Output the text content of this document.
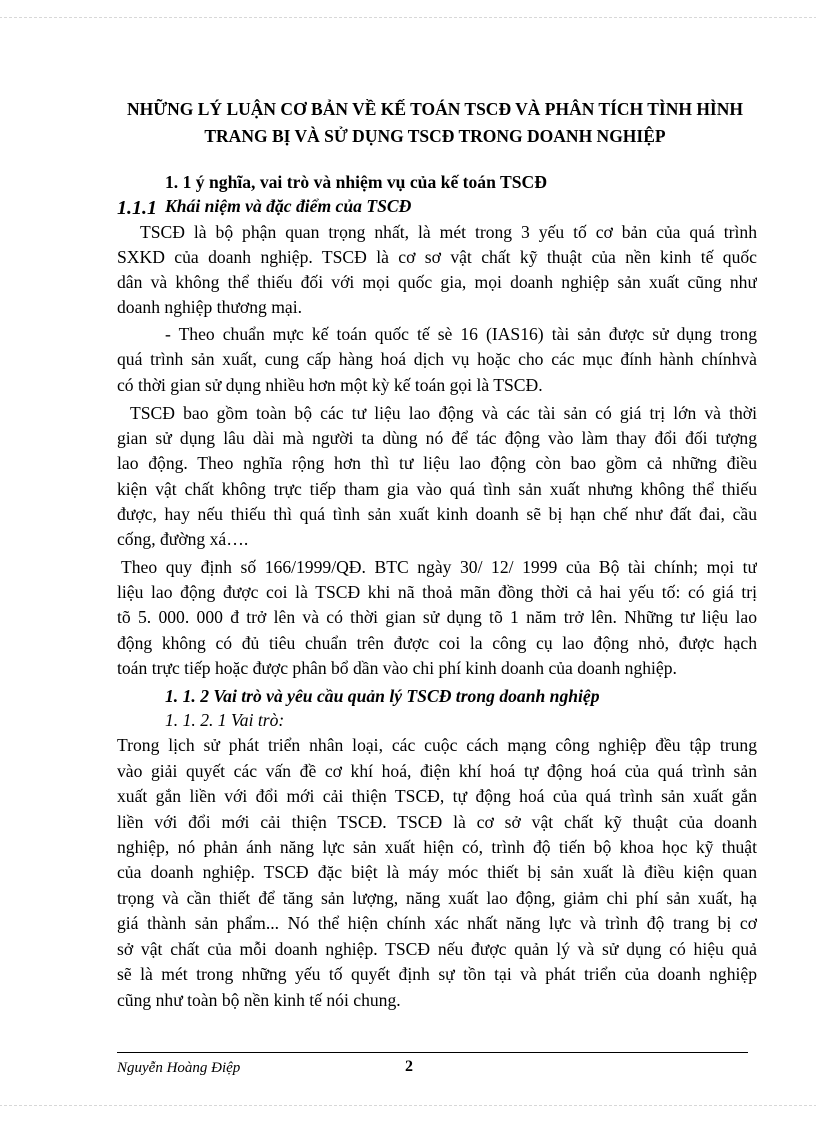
NHỮNG LÝ LUẬN CƠ BẢN VỀ KẾ TOÁN TSCĐ VÀ PHÂN TÍCH TÌNH HÌNH TRANG BỊ VÀ SỬ DỤNG TSCĐ TRONG DOANH NGHIỆP

1. 1 ý nghĩa, vai trò và nhiệm vụ của kế toán TSCĐ

1.1.1 Khái niệm và đặc điểm của TSCĐ

TSCĐ là bộ phận quan trọng nhất, là mét trong 3 yếu tố cơ bản của quá trình

SXKD của doanh nghiệp. TSCĐ là cơ sơ vật chất kỹ thuật của nền kinh tế quốc

dân và không thể thiếu đối với mọi quốc gia, mọi doanh nghiệp sản xuất cũng như

doanh nghiệp thương mại.

- Theo chuẩn mực kế toán quốc tế sè 16 (IAS16) tài sản được sử dụng trong

quá trình sản xuất, cung cấp hàng hoá dịch vụ hoặc cho các mục đính hành chínhvà

có thời gian sử dụng nhiều hơn một kỳ kế toán gọi là TSCĐ.

TSCĐ bao gồm toàn bộ các tư liệu lao động và các tài sản có giá trị lớn và thời

gian sử dụng lâu dài mà người ta dùng nó để tác động vào làm thay đổi đối tượng

lao động. Theo nghĩa rộng hơn thì tư liệu lao động còn bao gồm cả những điều

kiện vật chất không trực tiếp tham gia vào quá tình sản xuất nhưng không thể thiếu

được, hay nếu thiếu thì quá tình sản xuất kinh doanh sẽ bị hạn chế như đất đai, cầu

cống, đường xá….

Theo quy định số 166/1999/QĐ. BTC ngày 30/ 12/ 1999 của Bộ tài chính; mọi tư

liệu lao động được coi là TSCĐ khi nã thoả mãn đồng thời cả hai yếu tố: có giá trị

tõ 5. 000. 000 đ trở lên và có thời gian sử dụng tõ 1 năm trở lên. Những tư liệu lao

động không có đủ tiêu chuẩn trên được coi la công cụ lao động nhỏ, được hạch

toán trực tiếp hoặc được phân bổ dần vào chi phí kinh doanh của doanh nghiệp.

1. 1. 2 Vai trò và yêu cầu quản lý TSCĐ trong doanh nghiệp

1. 1. 2. 1 Vai trò:

Trong lịch sử phát triển nhân loại, các cuộc cách mạng công nghiệp đều tập trung

vào giải quyết các vấn đề cơ khí hoá, điện khí hoá tự động hoá của quá trình sản

xuất gắn liền với đổi mới cải thiện TSCĐ, tự động hoá của quá trình sản xuất gắn

liền với đổi mới cải thiện TSCĐ. TSCĐ là cơ sở vật chất kỹ thuật của doanh

nghiệp, nó phản ánh năng lực sản xuất hiện có, trình độ tiến bộ khoa học kỹ thuật

của doanh nghiệp. TSCĐ đặc biệt là máy móc thiết bị sản xuất là điều kiện quan

trọng và cần thiết để tăng sản lượng, năng xuất lao động, giảm chi phí sản xuất, hạ

giá thành sản phẩm... Nó thể hiện chính xác nhất năng lực và trình độ trang bị cơ

sở vật chất của mỗi doanh nghiệp. TSCĐ nếu được quản lý và sử dụng có hiệu quả

sẽ là mét trong những yếu tố quyết định sự tồn tại và phát triển của doanh nghiệp

cũng như toàn bộ nền kinh tế nói chung.

Nguyễn Hoàng Điệp	2
